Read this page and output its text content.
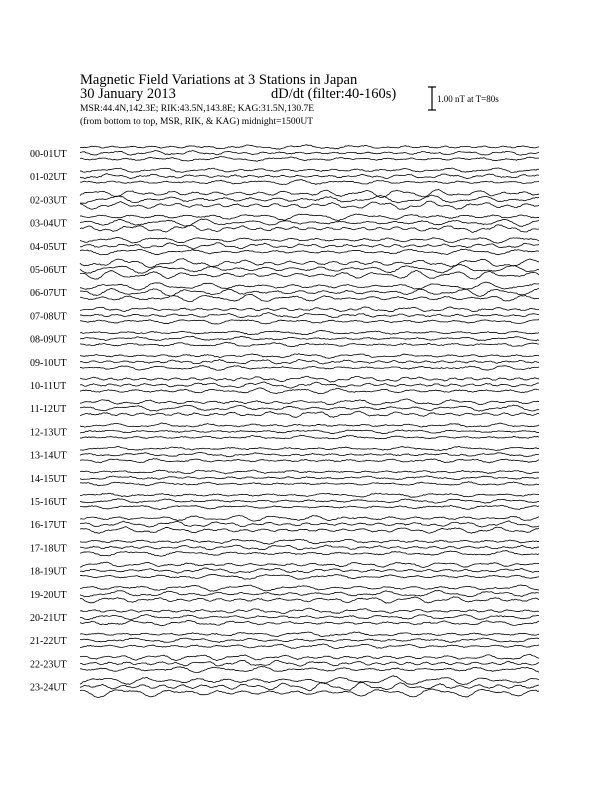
Magnetic Field Variations at 3 Stations in Japan
30 January 2013	dD/dt (filter:40-160s)
MSR:44.4N,142.3E; RIK:43.5N,143.8E; KAG:31.5N,130.7E
(from bottom to top, MSR, RIK, & KAG) midnight=1500UT
1.00 nT at T=80s
00-01UT
01-02UT
02-03UT
03-04UT
04-05UT
05-06UT
06-07UT
07-08UT
08-09UT
09-10UT
10-11UT
11-12UT
12-13UT
13-14UT
14-15UT
15-16UT
16-17UT
17-18UT
18-19UT
19-20UT
20-21UT
21-22UT
22-23UT
23-24UT
